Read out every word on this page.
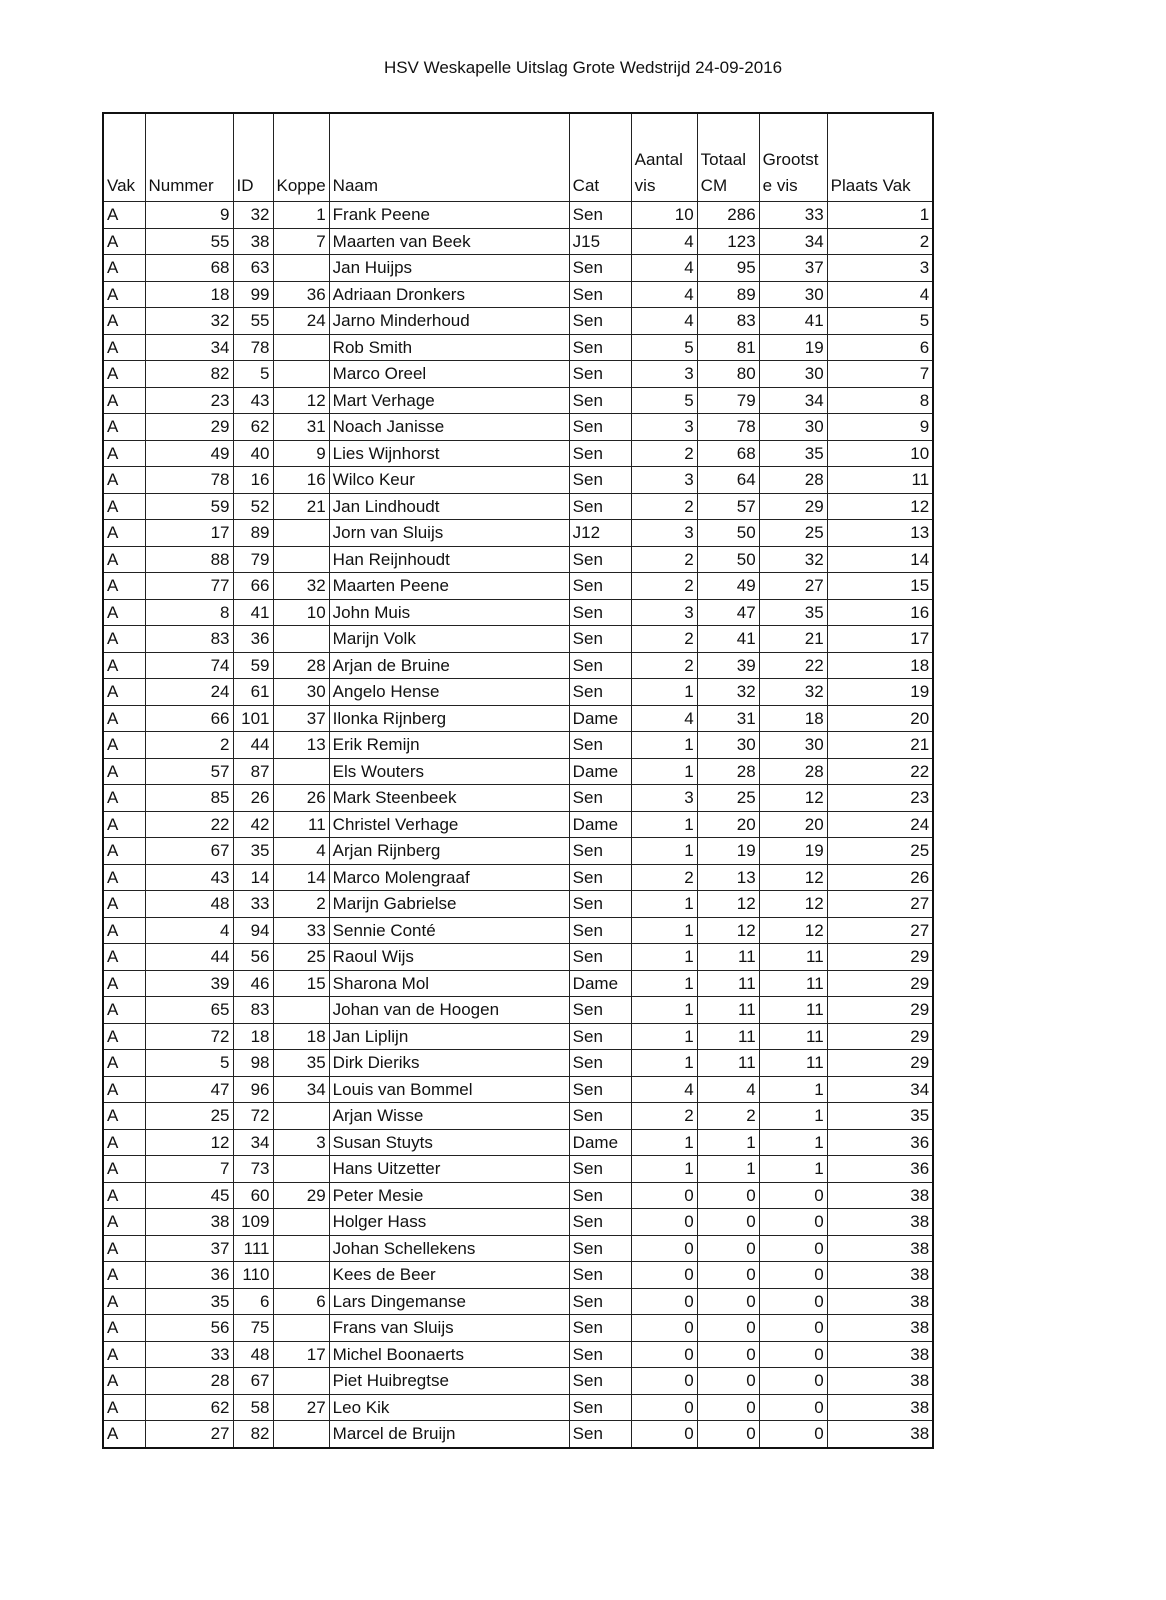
HSV Weskapelle Uitslag Grote Wedstrijd 24-09-2016
Vak	Nummer	ID	Koppe	Naam	Cat	Aantal vis	Totaal CM	Grootst e vis	Plaats Vak
A	9	32	1	Frank Peene	Sen	10	286	33	1
A	55	38	7	Maarten van Beek	J15	4	123	34	2
A	68	63		Jan Huijps	Sen	4	95	37	3
A	18	99	36	Adriaan Dronkers	Sen	4	89	30	4
A	32	55	24	Jarno Minderhoud	Sen	4	83	41	5
A	34	78		Rob Smith	Sen	5	81	19	6
A	82	5		Marco Oreel	Sen	3	80	30	7
A	23	43	12	Mart Verhage	Sen	5	79	34	8
A	29	62	31	Noach Janisse	Sen	3	78	30	9
A	49	40	9	Lies Wijnhorst	Sen	2	68	35	10
A	78	16	16	Wilco Keur	Sen	3	64	28	11
A	59	52	21	Jan Lindhoudt	Sen	2	57	29	12
A	17	89		Jorn van Sluijs	J12	3	50	25	13
A	88	79		Han Reijnhoudt	Sen	2	50	32	14
A	77	66	32	Maarten Peene	Sen	2	49	27	15
A	8	41	10	John Muis	Sen	3	47	35	16
A	83	36		Marijn Volk	Sen	2	41	21	17
A	74	59	28	Arjan de Bruine	Sen	2	39	22	18
A	24	61	30	Angelo Hense	Sen	1	32	32	19
A	66	101	37	Ilonka Rijnberg	Dame	4	31	18	20
A	2	44	13	Erik Remijn	Sen	1	30	30	21
A	57	87		Els Wouters	Dame	1	28	28	22
A	85	26	26	Mark Steenbeek	Sen	3	25	12	23
A	22	42	11	Christel Verhage	Dame	1	20	20	24
A	67	35	4	Arjan Rijnberg	Sen	1	19	19	25
A	43	14	14	Marco Molengraaf	Sen	2	13	12	26
A	48	33	2	Marijn Gabrielse	Sen	1	12	12	27
A	4	94	33	Sennie Conté	Sen	1	12	12	27
A	44	56	25	Raoul Wijs	Sen	1	11	11	29
A	39	46	15	Sharona Mol	Dame	1	11	11	29
A	65	83		Johan van de Hoogen	Sen	1	11	11	29
A	72	18	18	Jan Liplijn	Sen	1	11	11	29
A	5	98	35	Dirk Dieriks	Sen	1	11	11	29
A	47	96	34	Louis van Bommel	Sen	4	4	1	34
A	25	72		Arjan Wisse	Sen	2	2	1	35
A	12	34	3	Susan Stuyts	Dame	1	1	1	36
A	7	73		Hans Uitzetter	Sen	1	1	1	36
A	45	60	29	Peter Mesie	Sen	0	0	0	38
A	38	109		Holger Hass	Sen	0	0	0	38
A	37	111		Johan Schellekens	Sen	0	0	0	38
A	36	110		Kees de Beer	Sen	0	0	0	38
A	35	6	6	Lars Dingemanse	Sen	0	0	0	38
A	56	75		Frans van Sluijs	Sen	0	0	0	38
A	33	48	17	Michel Boonaerts	Sen	0	0	0	38
A	28	67		Piet Huibregtse	Sen	0	0	0	38
A	62	58	27	Leo Kik	Sen	0	0	0	38
A	27	82		Marcel de Bruijn	Sen	0	0	0	38
